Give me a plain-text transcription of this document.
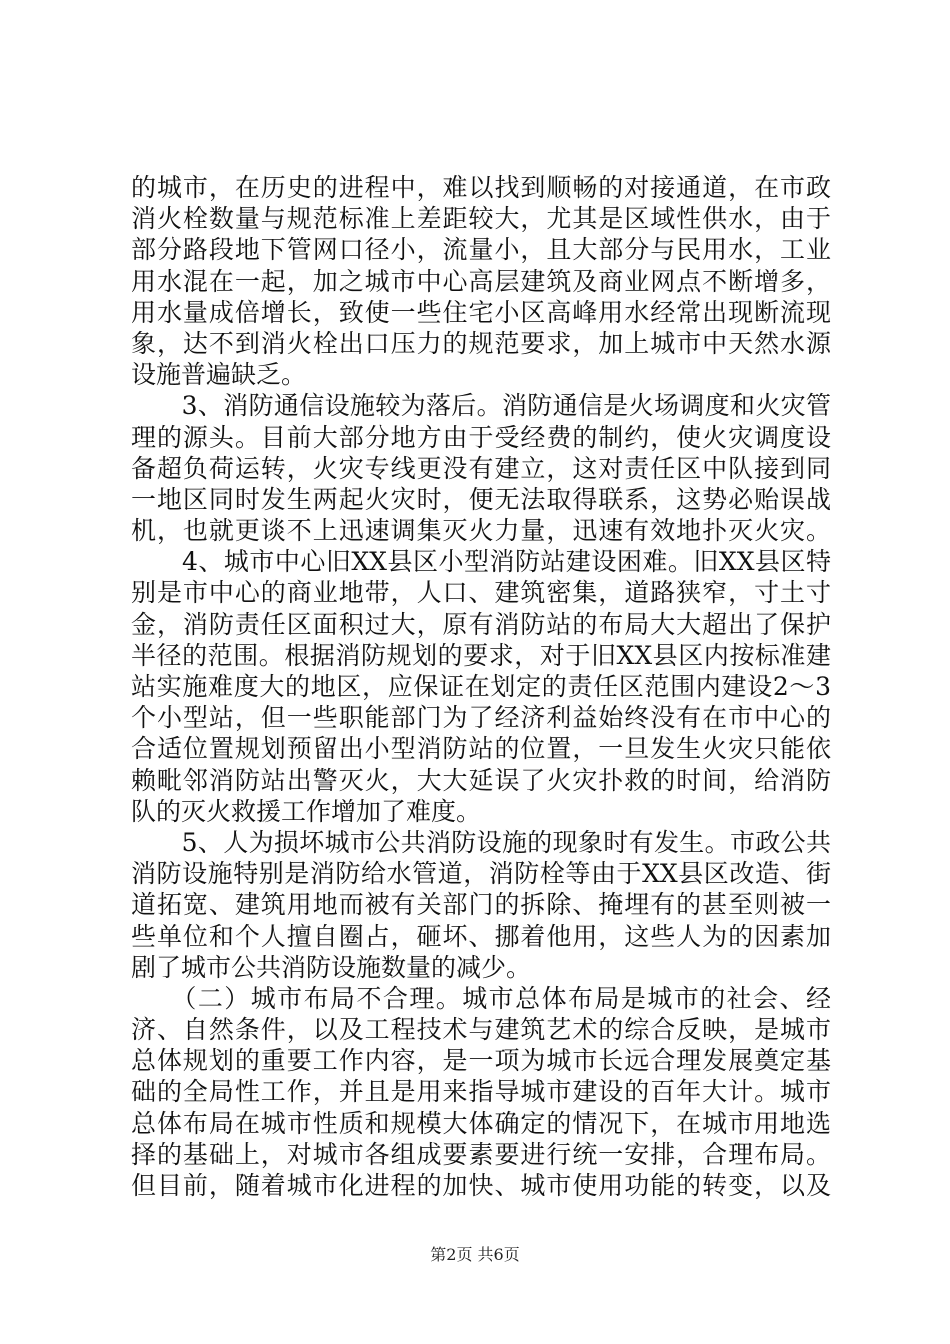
的城市，在历史的进程中，难以找到顺畅的对接通道，在市政
消火栓数量与规范标准上差距较大，尤其是区域性供水，由于
部分路段地下管网口径小，流量小，且大部分与民用水，工业
用水混在一起，加之城市中心高层建筑及商业网点不断增多，
用水量成倍增长，致使一些住宅小区高峰用水经常出现断流现
象，达不到消火栓出口压力的规范要求，加上城市中天然水源
设施普遍缺乏。
　　3、消防通信设施较为落后。消防通信是火场调度和火灾管
理的源头。目前大部分地方由于受经费的制约，使火灾调度设
备超负荷运转，火灾专线更没有建立，这对责任区中队接到同
一地区同时发生两起火灾时，便无法取得联系，这势必贻误战
机，也就更谈不上迅速调集灭火力量，迅速有效地扑灭火灾。
　　4、城市中心旧XX县区小型消防站建设困难。旧XX县区特
别是市中心的商业地带，人口、建筑密集，道路狭窄，寸土寸
金，消防责任区面积过大，原有消防站的布局大大超出了保护
半径的范围。根据消防规划的要求，对于旧XX县区内按标准建
站实施难度大的地区，应保证在划定的责任区范围内建设2～3
个小型站，但一些职能部门为了经济利益始终没有在市中心的
合适位置规划预留出小型消防站的位置，一旦发生火灾只能依
赖毗邻消防站出警灭火，大大延误了火灾扑救的时间，给消防
队的灭火救援工作增加了难度。
　　5、人为损坏城市公共消防设施的现象时有发生。市政公共
消防设施特别是消防给水管道，消防栓等由于XX县区改造、街
道拓宽、建筑用地而被有关部门的拆除、掩埋有的甚至则被一
些单位和个人擅自圈占，砸坏、挪着他用，这些人为的因素加
剧了城市公共消防设施数量的减少。
　　（二）城市布局不合理。城市总体布局是城市的社会、经
济、自然条件，以及工程技术与建筑艺术的综合反映，是城市
总体规划的重要工作内容，是一项为城市长远合理发展奠定基
础的全局性工作，并且是用来指导城市建设的百年大计。城市
总体布局在城市性质和规模大体确定的情况下，在城市用地选
择的基础上，对城市各组成要素要进行统一安排，合理布局。
但目前，随着城市化进程的加快、城市使用功能的转变，以及
第2页 共6页
